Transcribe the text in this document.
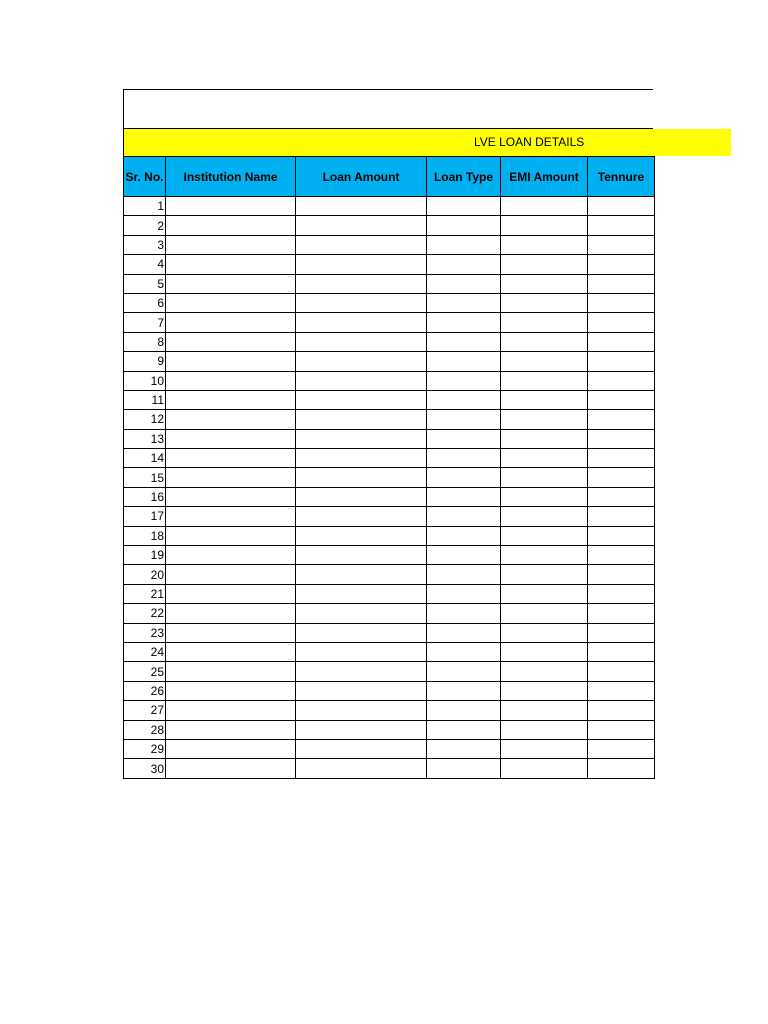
LVE LOAN DETAILS
Sr. No.	Institution Name	Loan Amount	Loan Type	EMI Amount	Tennure
1					
2					
3					
4					
5					
6					
7					
8					
9					
10					
11					
12					
13					
14					
15					
16					
17					
18					
19					
20					
21					
22					
23					
24					
25					
26					
27					
28					
29					
30					
